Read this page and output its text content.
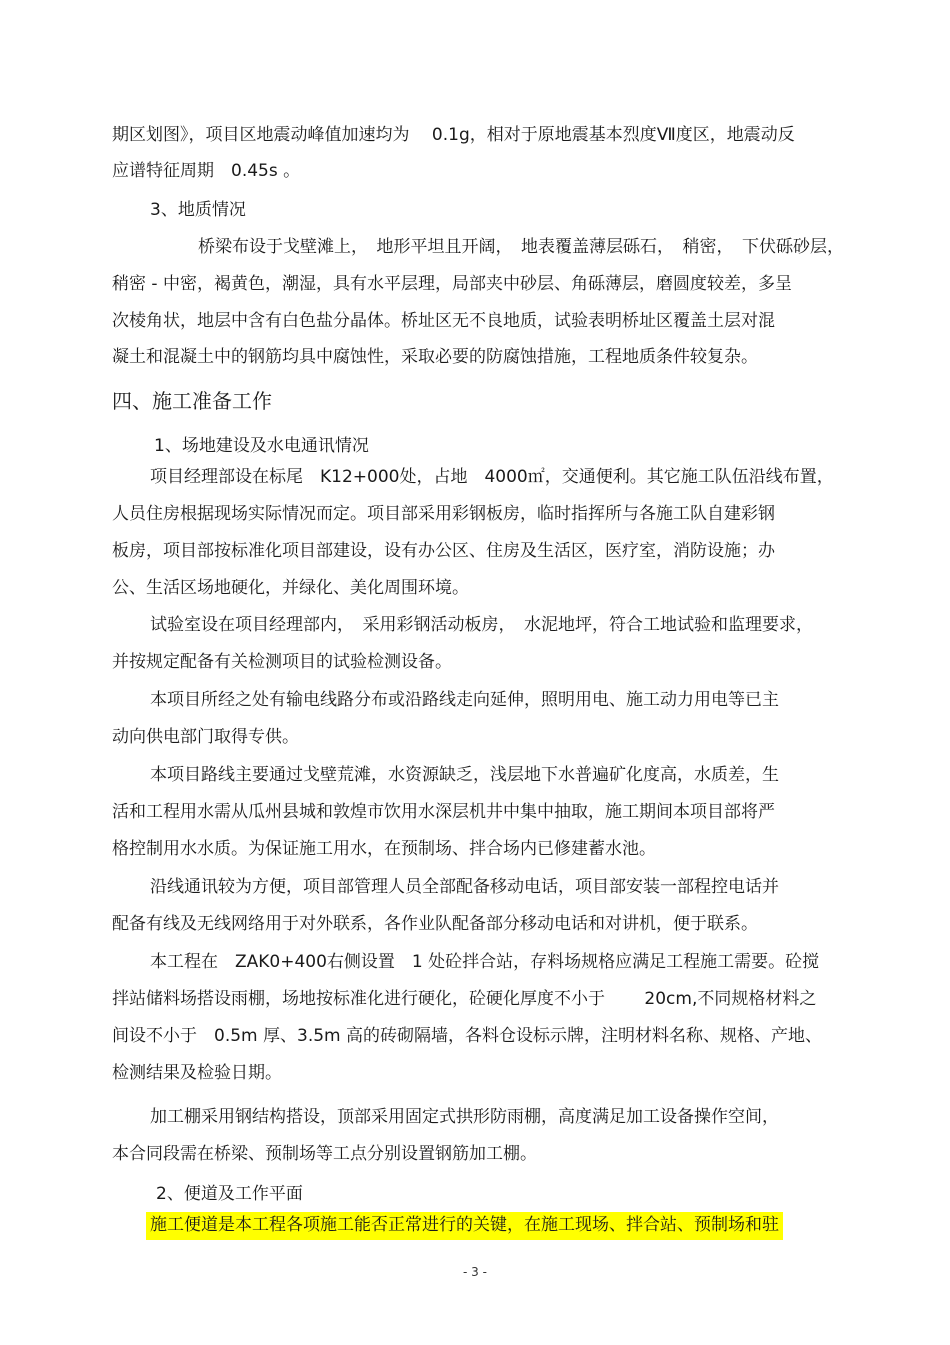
期区划图》，项目区地震动峰值加速均为　 0.1g，相对于原地震基本烈度Ⅶ度区，地震动反
应谱特征周期　0.45s 。
3、地质情况
桥梁布设于戈壁滩上，　地形平坦且开阔，　地表覆盖薄层砾石，　稍密，　下伏砾砂层，
稍密 - 中密，褐黄色，潮湿，具有水平层理，局部夹中砂层、角砾薄层，磨圆度较差，多呈
次棱角状，地层中含有白色盐分晶体。桥址区无不良地质，试验表明桥址区覆盖土层对混
凝土和混凝土中的钢筋均具中腐蚀性，采取必要的防腐蚀措施，工程地质条件较复杂。
四、施工准备工作
1、场地建设及水电通讯情况
项目经理部设在标尾　K12+000处，占地　4000㎡，交通便利。其它施工队伍沿线布置，
人员住房根据现场实际情况而定。项目部采用彩钢板房，临时指挥所与各施工队自建彩钢
板房，项目部按标准化项目部建设，设有办公区、住房及生活区，医疗室，消防设施；办
公、生活区场地硬化，并绿化、美化周围环境。
试验室设在项目经理部内，　采用彩钢活动板房，　水泥地坪，符合工地试验和监理要求，
并按规定配备有关检测项目的试验检测设备。
本项目所经之处有输电线路分布或沿路线走向延伸，照明用电、施工动力用电等已主
动向供电部门取得专供。
本项目路线主要通过戈壁荒滩，水资源缺乏，浅层地下水普遍矿化度高，水质差，生
活和工程用水需从瓜州县城和敦煌市饮用水深层机井中集中抽取，施工期间本项目部将严
格控制用水水质。为保证施工用水，在预制场、拌合场内已修建蓄水池。
沿线通讯较为方便，项目部管理人员全部配备移动电话，项目部安装一部程控电话并
配备有线及无线网络用于对外联系，各作业队配备部分移动电话和对讲机，便于联系。
本工程在　ZAK0+400右侧设置　1 处砼拌合站，存料场规格应满足工程施工需要。砼搅
拌站储料场搭设雨棚，场地按标准化进行硬化，砼硬化厚度不小于　　 20cm,不同规格材料之
间设不小于　0.5m 厚、3.5m 高的砖砌隔墙，各料仓设标示牌，注明材料名称、规格、产地、
检测结果及检验日期。
加工棚采用钢结构搭设，顶部采用固定式拱形防雨棚，高度满足加工设备操作空间，
本合同段需在桥梁、预制场等工点分别设置钢筋加工棚。
2、便道及工作平面
施工便道是本工程各项施工能否正常进行的关键，在施工现场、拌合站、预制场和驻
- 3 -
